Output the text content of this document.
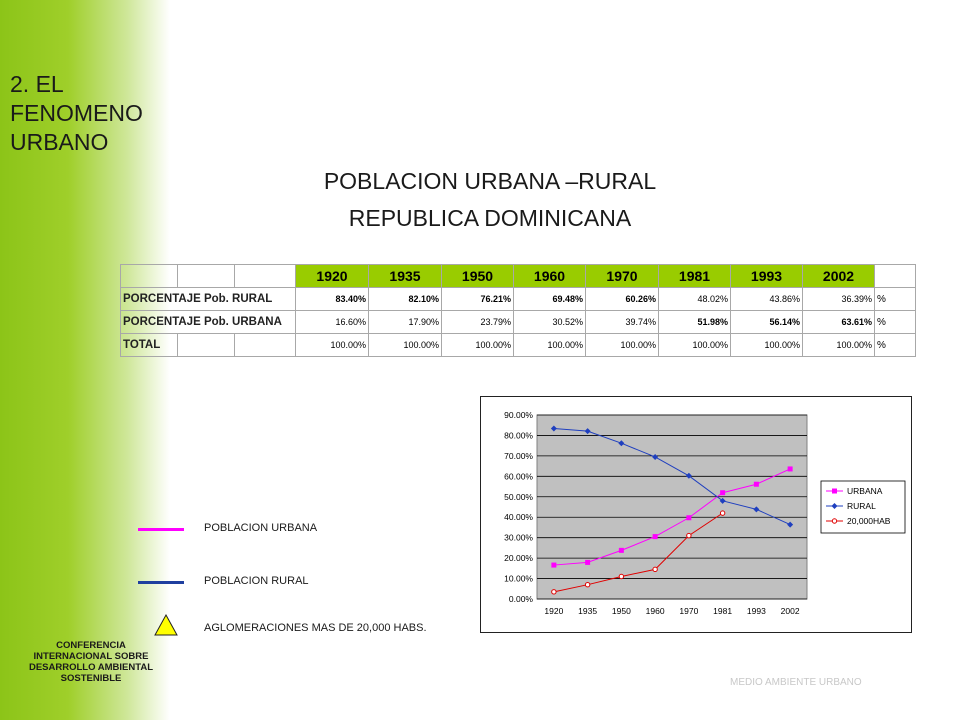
2. EL
FENOMENO
URBANO
CONFERENCIA
INTERNACIONAL SOBRE
DESARROLLO AMBIENTAL
SOSTENIBLE
POBLACION URBANA –RURAL
REPUBLICA DOMINICANA
			1920	1935	1950	1960	1970	1981	1993	2002	
PORCENTAJE Pob. RURAL			83.40%	82.10%	76.21%	69.48%	60.26%	48.02%	43.86%	36.39%	%
PORCENTAJE Pob. URBANA			16.60%	17.90%	23.79%	30.52%	39.74%	51.98%	56.14%	63.61%	%
TOTAL			100.00%	100.00%	100.00%	100.00%	100.00%	100.00%	100.00%	100.00%	%
POBLACION URBANA
POBLACION RURAL
AGLOMERACIONES MAS DE 20,000 HABS.
0.00%
10.00%
20.00%
30.00%
40.00%
50.00%
60.00%
70.00%
80.00%
90.00%
1920 1935 1950 1960 1970 1981 1993 2002
URBANA
RURAL
20,000HAB
MEDIO AMBIENTE URBANO
